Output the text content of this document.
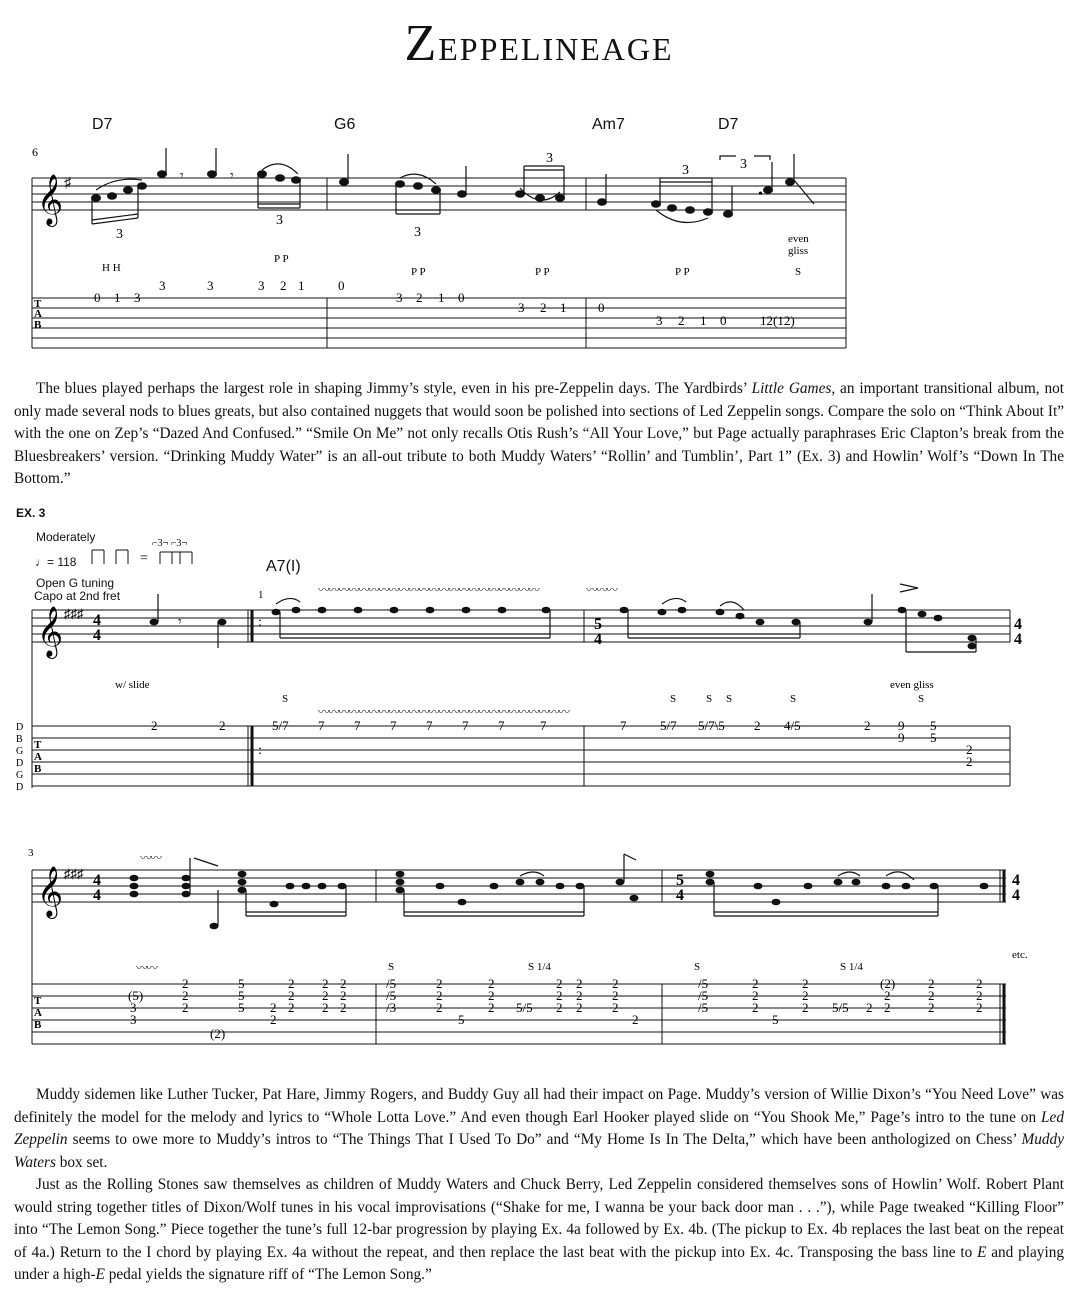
ZEPPELINEAGE
D7	G6	Am7	D7
6
𝄞 ♯
3
3
3
3
3	3
𝄾	𝄾
•
H H
P P
P P	P P	P P
even
gliss
S
0 1 3
3	3	3 2 1	0
3 2 1 0
3 2 1 0
3 2 1 0	12(12)
T
A
B

The blues played perhaps the largest role in shaping Jimmy’s style, even in his pre-Zeppelin days. The Yardbirds’ Little Games, an important transitional album, not only made several nods to blues greats, but also contained nuggets that would soon be polished into sections of Led Zeppelin songs. Compare the solo on “Think About It” with the one on Zep’s “Dazed And Confused.” “Smile On Me” not only recalls Otis Rush’s “All Your Love,” but Page actually paraphrases Eric Clapton’s break from the Bluesbreakers’ version. “Drinking Muddy Water” is an all-out tribute to both Muddy Waters’ “Rollin’ and Tumblin’, Part 1” (Ex. 3) and Howlin’ Wolf’s “Down In The Bottom.”

EX. 3
Moderately
♩= 118
Open G tuning
Capo at 2nd fret
A7(I)
=
⌐3¬ ⌐3¬
𝄞 ♯♯♯ 4
4
5
4
4
4
1	〰〰〰〰〰〰〰〰〰〰〰〰〰〰〰〰〰〰〰〰〰〰	〰〰〰
𝄾	:
w/ slide	even gliss
S	S	S S	S	S
〰〰〰〰〰〰〰〰〰〰〰〰〰〰〰〰〰〰〰〰〰〰〰〰〰
D
B
G
D
G
D
T
A
B
2	2	5/7 7 7 7 7 7 7	7	7	5/7 5/7\5 2 4/5	2 9 5
9 5
2
2
:
3
𝄞 ♯♯♯ 4
4
5
4
4
4
〰〰
S	S 1/4	S	S 1/4
etc.
〰〰
T
A
B
(5)
3
3
2
2
2
(2)
5
5
5 2
2
2
2
2
2 2
2 2
2 2
/5
/5
/3
2
2
2
5
2
2
2 5/5 2 2
2 2
2 2
2
2
2
2
/5
/5
/5
2
2
2
5
2
2
2 5/5 2 2
(2)
2
2
2
2
2
2
2

Muddy sidemen like Luther Tucker, Pat Hare, Jimmy Rogers, and Buddy Guy all had their impact on Page. Muddy’s version of Willie Dixon’s “You Need Love” was definitely the model for the melody and lyrics to “Whole Lotta Love.” And even though Earl Hooker played slide on “You Shook Me,” Page’s intro to the tune on Led Zeppelin seems to owe more to Muddy’s intros to “The Things That I Used To Do” and “My Home Is In The Delta,” which have been anthologized on Chess’ Muddy Waters box set.

Just as the Rolling Stones saw themselves as children of Muddy Waters and Chuck Berry, Led Zeppelin considered themselves sons of Howlin’ Wolf. Robert Plant would string together titles of Dixon/Wolf tunes in his vocal improvisations (“Shake for me, I wanna be your back door man . . .”), while Page tweaked “Killing Floor” into “The Lemon Song.” Piece together the tune’s full 12-bar progression by playing Ex. 4a followed by Ex. 4b. (The pickup to Ex. 4b replaces the last beat on the repeat of 4a.) Return to the I chord by playing Ex. 4a without the repeat, and then replace the last beat with the pickup into Ex. 4c. Transposing the bass line to E and playing under a high-E pedal yields the signature riff of “The Lemon Song.”
